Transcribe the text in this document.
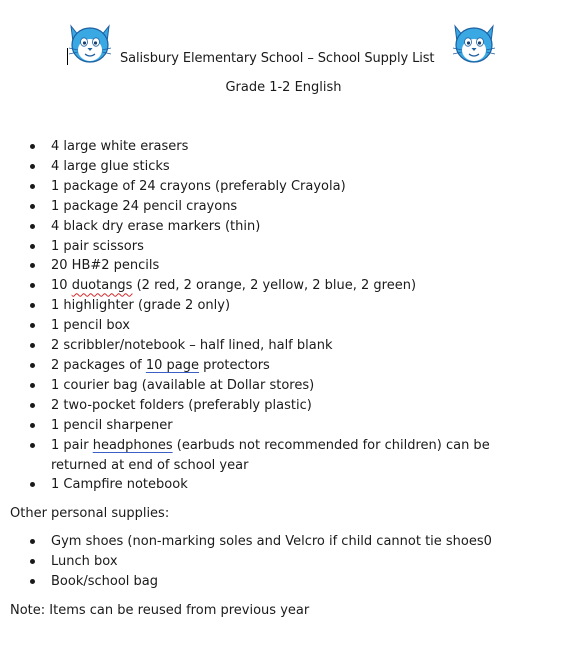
Salisbury Elementary School – School Supply List
Grade 1-2 English
4 large white erasers
4 large glue sticks
1 package of 24 crayons (preferably Crayola)
1 package 24 pencil crayons
4 black dry erase markers (thin)
1 pair scissors
20 HB#2 pencils
10 duotangs (2 red, 2 orange, 2 yellow, 2 blue, 2 green)
1 highlighter (grade 2 only)
1 pencil box
2 scribbler/notebook – half lined, half blank
2 packages of 10 page protectors
1 courier bag (available at Dollar stores)
2 two-pocket folders (preferably plastic)
1 pencil sharpener
1 pair headphones (earbuds not recommended for children) can be returned at end of school year
1 Campfire notebook
Other personal supplies:
Gym shoes (non-marking soles and Velcro if child cannot tie shoes0
Lunch box
Book/school bag
Note: Items can be reused from previous year
